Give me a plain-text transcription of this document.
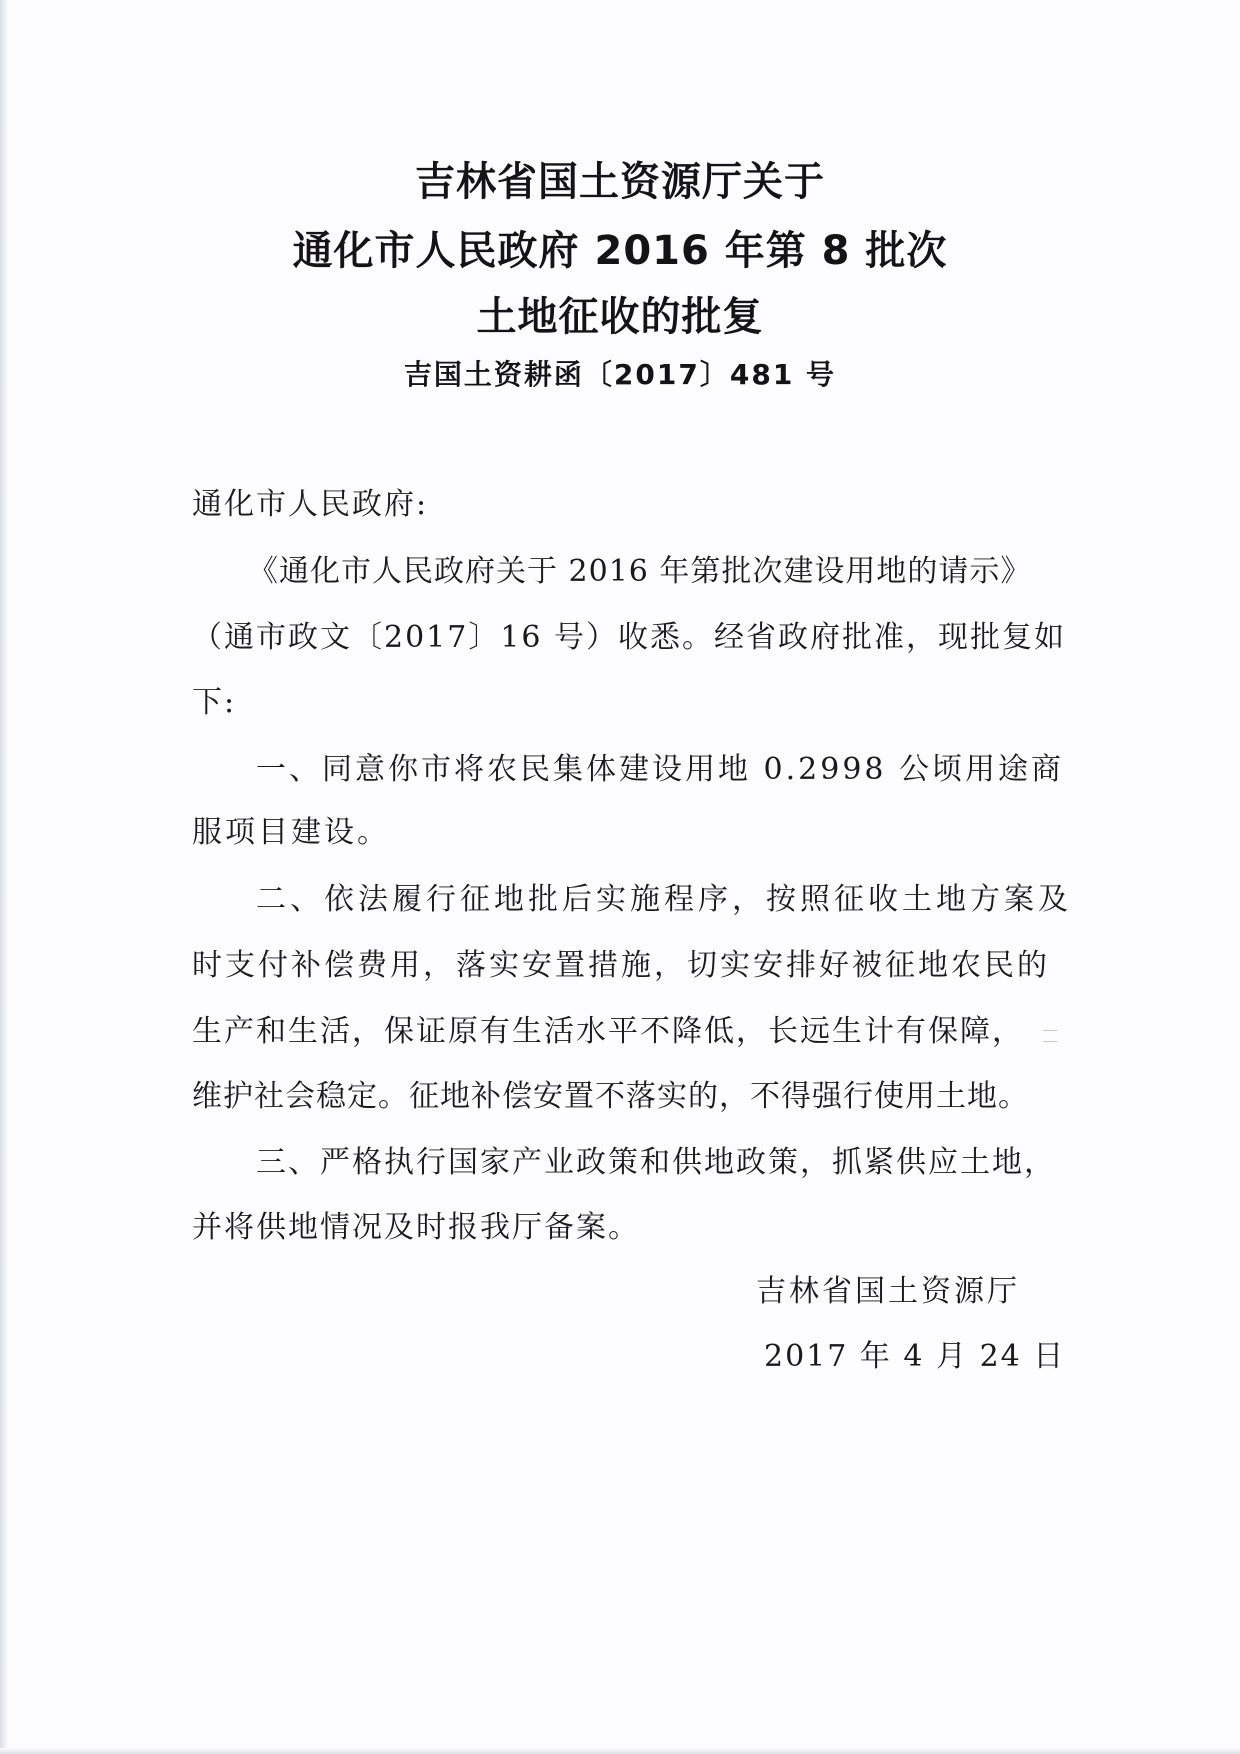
吉林省国土资源厅关于
通化市人民政府 2016 年第 8 批次
土地征收的批复
吉国土资耕函〔2017〕481 号
通化市人民政府:
《通化市人民政府关于 2016 年第批次建设用地的请示》
（通市政文〔2017〕16 号）收悉。经省政府批准，现批复如
下:
一、同意你市将农民集体建设用地 0.2998 公顷用途商
服项目建设。
二、依法履行征地批后实施程序，按照征收土地方案及
时支付补偿费用，落实安置措施，切实安排好被征地农民的
生产和生活，保证原有生活水平不降低，长远生计有保障，
维护社会稳定。征地补偿安置不落实的，不得强行使用土地。
三、严格执行国家产业政策和供地政策，抓紧供应土地，
并将供地情况及时报我厅备案。
吉林省国土资源厅
2017 年 4 月 24 日
